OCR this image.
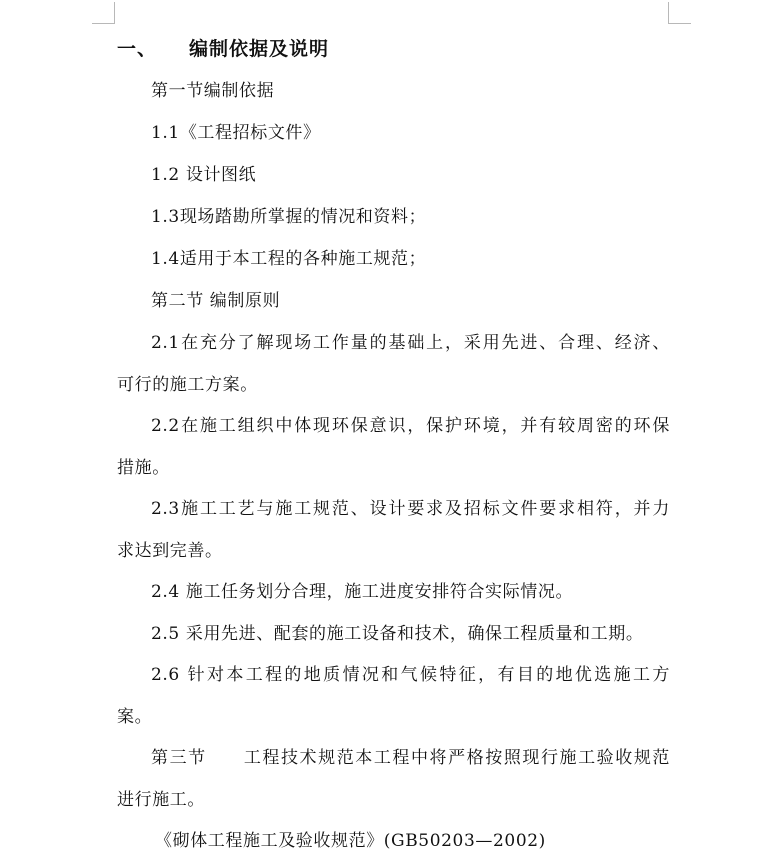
一、 编制依据及说明
第一节编制依据
1.1《工程招标文件》
1.2 设计图纸
1.3现场踏勘所掌握的情况和资料；
1.4适用于本工程的各种施工规范；
第二节 编制原则
2.1在充分了解现场工作量的基础上，采用先进、合理、经济、
可行的施工方案。
2.2在施工组织中体现环保意识，保护环境，并有较周密的环保
措施。
2.3施工工艺与施工规范、设计要求及招标文件要求相符，并力
求达到完善。
2.4 施工任务划分合理，施工进度安排符合实际情况。
2.5 采用先进、配套的施工设备和技术，确保工程质量和工期。
2.6 针对本工程的地质情况和气候特征，有目的地优选施工方
案。
第三节　　工程技术规范本工程中将严格按照现行施工验收规范
进行施工。
《砌体工程施工及验收规范》(GB50203—2002)
